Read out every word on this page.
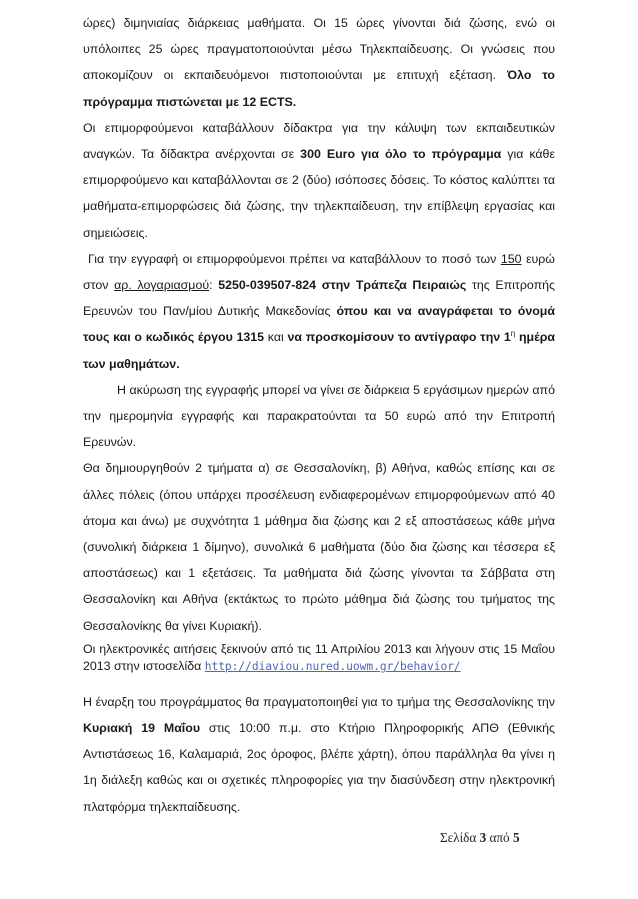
ώρες) διμηνιαίας διάρκειας μαθήματα. Οι 15 ώρες γίνονται διά ζώσης, ενώ οι υπόλοιπες 25 ώρες πραγματοποιούνται μέσω Τηλεκπαίδευσης. Οι γνώσεις που αποκομίζουν οι εκπαιδευόμενοι πιστοποιούνται με επιτυχή εξέταση. Όλο το πρόγραμμα πιστώνεται με 12 ECTS.

Οι επιμορφούμενοι καταβάλλουν δίδακτρα για την κάλυψη των εκπαιδευτικών αναγκών. Τα δίδακτρα ανέρχονται σε 300 Euro για όλο το πρόγραμμα για κάθε επιμορφούμενο και καταβάλλονται σε 2 (δύο) ισόποσες δόσεις. Το κόστος καλύπτει τα μαθήματα-επιμορφώσεις διά ζώσης, την τηλεκπαίδευση, την επίβλεψη εργασίας και σημειώσεις.

Για την εγγραφή οι επιμορφούμενοι πρέπει να καταβάλλουν το ποσό των 150 ευρώ στον αρ. λογαριασμού: 5250-039507-824 στην Τράπεζα Πειραιώς της Επιτροπής Ερευνών του Παν/μίου Δυτικής Μακεδονίας όπου και να αναγράφεται το όνομά τους και ο κωδικός έργου 1315 και να προσκομίσουν το αντίγραφο την $1^\eta$ ημέρα των μαθημάτων.

Η ακύρωση της εγγραφής μπορεί να γίνει σε διάρκεια 5 εργάσιμων ημερών από την ημερομηνία εγγραφής και παρακρατούνται τα 50 ευρώ από την Επιτροπή Ερευνών.

Θα δημιουργηθούν 2 τμήματα α) σε Θεσσαλονίκη, β) Αθήνα, καθώς επίσης και σε άλλες πόλεις (όπου υπάρχει προσέλευση ενδιαφερομένων επιμορφούμενων από 40 άτομα και άνω) με συχνότητα 1 μάθημα δια ζώσης και 2 εξ αποστάσεως κάθε μήνα (συνολική διάρκεια 1 δίμηνο), συνολικά 6 μαθήματα (δύο δια ζώσης και τέσσερα εξ αποστάσεως) και 1 εξετάσεις. Τα μαθήματα διά ζώσης γίνονται τα Σάββατα στη Θεσσαλονίκη και Αθήνα (εκτάκτως το πρώτο μάθημα διά ζώσης του τμήματος της Θεσσαλονίκης θα γίνει Κυριακή).

Οι ηλεκτρονικές αιτήσεις ξεκινούν από τις 11 Απριλίου 2013 και λήγουν στις 15 Μαΐου 2013 στην ιστοσελίδα http://diaviou.nured.uowm.gr/behavior/

Η έναρξη του προγράμματος θα πραγματοποιηθεί για το τμήμα της Θεσσαλονίκης την Κυριακή 19 Μαΐου στις 10:00 π.μ. στο Κτήριο Πληροφορικής ΑΠΘ (Εθνικής Αντιστάσεως 16, Καλαμαριά, 2ος όροφος, βλέπε χάρτη), όπου παράλληλα θα γίνει η 1η διάλεξη καθώς και οι σχετικές πληροφορίες για την διασύνδεση στην ηλεκτρονική πλατφόρμα τηλεκπαίδευσης.

Σελίδα 3 από 5
